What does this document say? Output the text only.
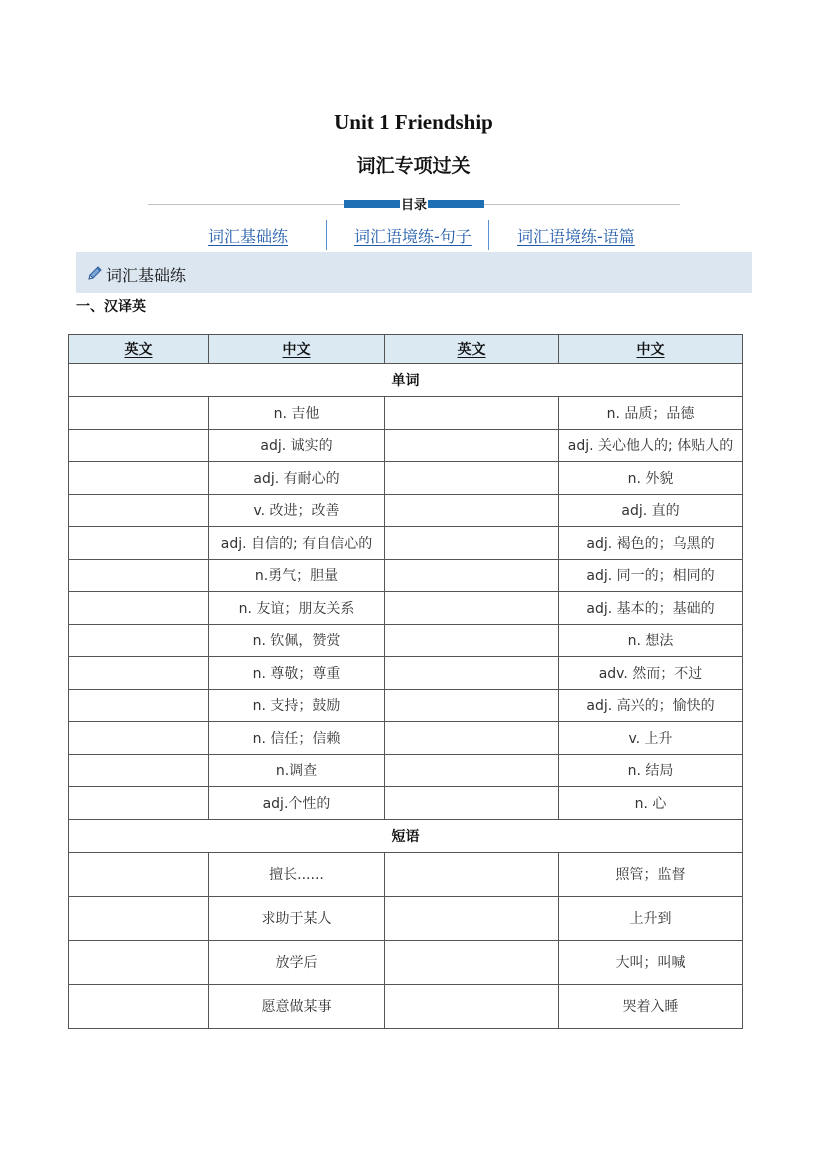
Unit 1 Friendship
词汇专项过关
目录
词汇基础练	词汇语境练-句子	词汇语境练-语篇
词汇基础练
一、汉译英
英文	中文	英文	中文
单词			
	n. 吉他		n. 品质；品德
	adj. 诚实的		adj. 关心他人的; 体贴人的
	adj. 有耐心的		n. 外貌
	v. 改进；改善		adj. 直的
	adj. 自信的; 有自信心的		adj. 褐色的；乌黑的
	n.勇气；胆量		adj. 同一的；相同的
	n. 友谊；朋友关系		adj. 基本的；基础的
	n. 钦佩，赞赏		n. 想法
	n. 尊敬；尊重		adv. 然而；不过
	n. 支持；鼓励		adj. 高兴的；愉快的
	n. 信任；信赖		v. 上升
	n.调查		n. 结局
	adj.个性的		n. 心
短语			
	擅长......		照管；监督
	求助于某人		上升到
	放学后		大叫；叫喊
	愿意做某事		哭着入睡
